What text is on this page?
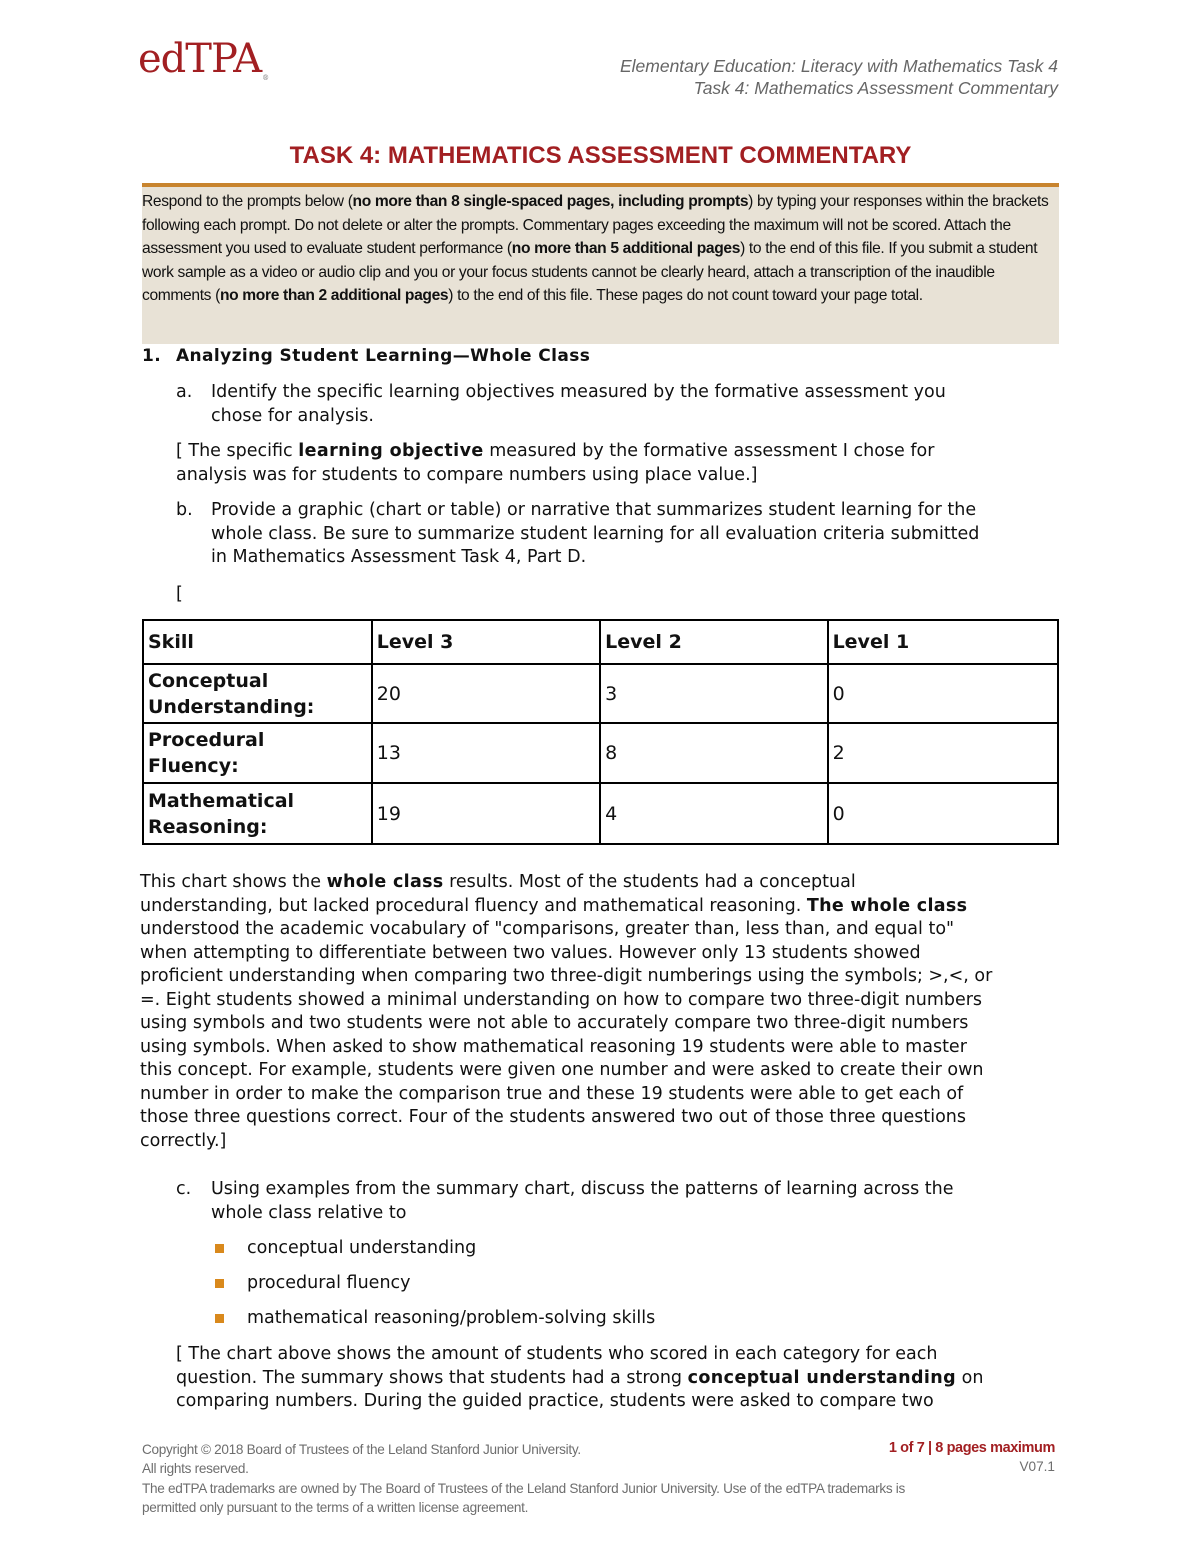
edTPA®
Elementary Education: Literacy with Mathematics Task 4
Task 4: Mathematics Assessment Commentary
TASK 4: MATHEMATICS ASSESSMENT COMMENTARY
Respond to the prompts below (no more than 8 single-spaced pages, including prompts) by typing your responses within the brackets following each prompt. Do not delete or alter the prompts. Commentary pages exceeding the maximum will not be scored. Attach the assessment you used to evaluate student performance (no more than 5 additional pages) to the end of this file. If you submit a student work sample as a video or audio clip and you or your focus students cannot be clearly heard, attach a transcription of the inaudible comments (no more than 2 additional pages) to the end of this file. These pages do not count toward your page total.
1. Analyzing Student Learning—Whole Class
a. Identify the specific learning objectives measured by the formative assessment you
chose for analysis.
[ The specific learning objective measured by the formative assessment I chose for
analysis was for students to compare numbers using place value.]
b. Provide a graphic (chart or table) or narrative that summarizes student learning for the
whole class. Be sure to summarize student learning for all evaluation criteria submitted
in Mathematics Assessment Task 4, Part D.
[
Skill	Level 3	Level 2	Level 1

Conceptual
Understanding:	20	3	0

Procedural
Fluency:	13	8	2

Mathematical
Reasoning:	19	4	0
This chart shows the whole class results. Most of the students had a conceptual
understanding, but lacked procedural fluency and mathematical reasoning. The whole class
understood the academic vocabulary of "comparisons, greater than, less than, and equal to"
when attempting to differentiate between two values. However only 13 students showed
proficient understanding when comparing two three-digit numberings using the symbols; >,<, or
=. Eight students showed a minimal understanding on how to compare two three-digit numbers
using symbols and two students were not able to accurately compare two three-digit numbers
using symbols. When asked to show mathematical reasoning 19 students were able to master
this concept. For example, students were given one number and were asked to create their own
number in order to make the comparison true and these 19 students were able to get each of
those three questions correct. Four of the students answered two out of those three questions
correctly.]
c. Using examples from the summary chart, discuss the patterns of learning across the
whole class relative to
conceptual understanding
procedural fluency
mathematical reasoning/problem-solving skills
[ The chart above shows the amount of students who scored in each category for each
question. The summary shows that students had a strong conceptual understanding on
comparing numbers. During the guided practice, students were asked to compare two
Copyright © 2018 Board of Trustees of the Leland Stanford Junior University.
All rights reserved.
The edTPA trademarks are owned by The Board of Trustees of the Leland Stanford Junior University. Use of the edTPA trademarks is
permitted only pursuant to the terms of a written license agreement.
1 of 7 | 8 pages maximum
V07.1
